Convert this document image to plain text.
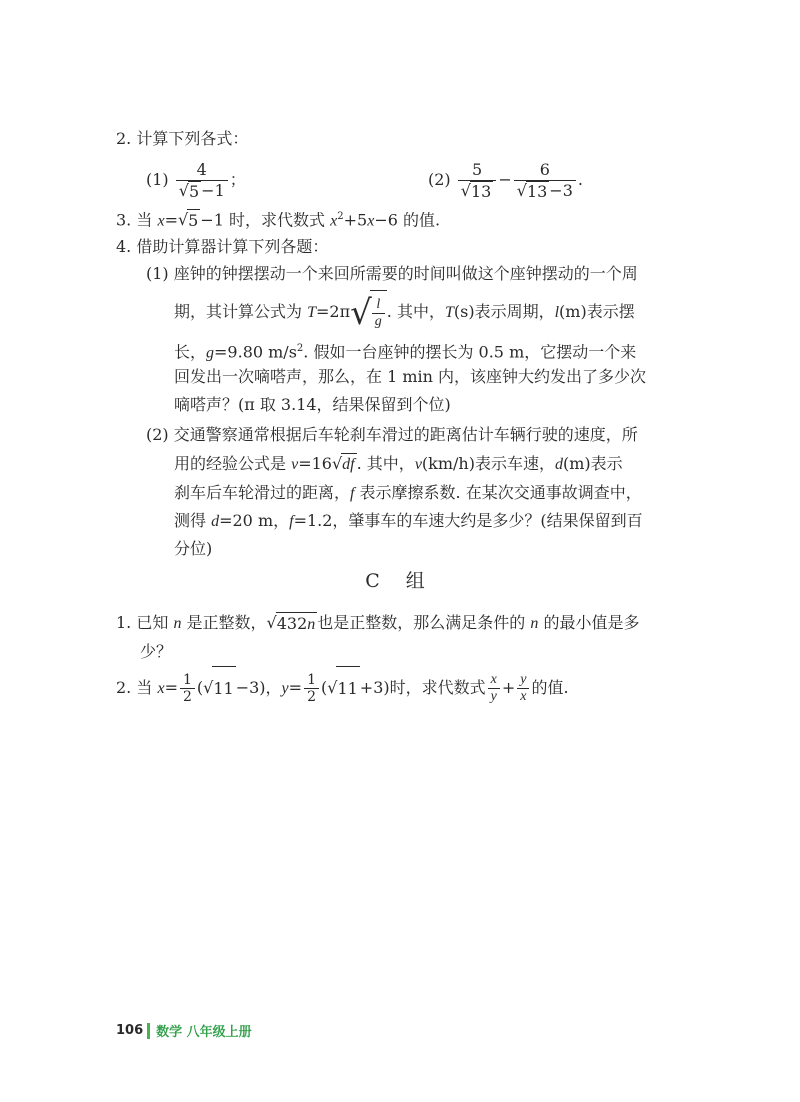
2. 计算下列各式：
$(1) \frac{4}{√ 5 -1}$ ；	$(2) \frac{5}{√ 13} - \frac{6}{√ 13 -3}$ .
3. 当 x= √ 5 −1 时，求代数式 $x^2+5x-6$ 的值.
4. 借助计算器计算下列各题：
(1) 座钟的钟摆摆动一个来回所需要的时间叫做这个座钟摆动的一个周
期，其计算公式为 T=2π √ $\frac{l}{g}$ . 其中，T(s)表示周期，l(m)表示摆
长，g=9.80 $m/s^2$. 假如一台座钟的摆长为 0.5 m，它摆动一个来
回发出一次嘀嗒声，那么，在 1 min 内，该座钟大约发出了多少次
嘀嗒声？(π 取 3.14，结果保留到个位)
(2) 交通警察通常根据后车轮刹车滑过的距离估计车辆行驶的速度，所
用的经验公式是 v=16 √ df . 其中，v(km/h)表示车速，d(m)表示
刹车后车轮滑过的距离，f 表示摩擦系数. 在某次交通事故调查中，
测得 d=20 m，f=1.2，肇事车的车速大约是多少？(结果保留到百
分位)
C 组
1. 已知 n 是正整数， √ 432n 也是正整数，那么满足条件的 n 的最小值是多
少？
2. 当 $x= \frac{1}{2}$ ( √ 11 −3)，$y= \frac{1}{2}$ ( √ 11 +3)时，求代数式 $\frac{x}{y} + \frac{y}{x}$ 的值.
106 数学 八年级上册
